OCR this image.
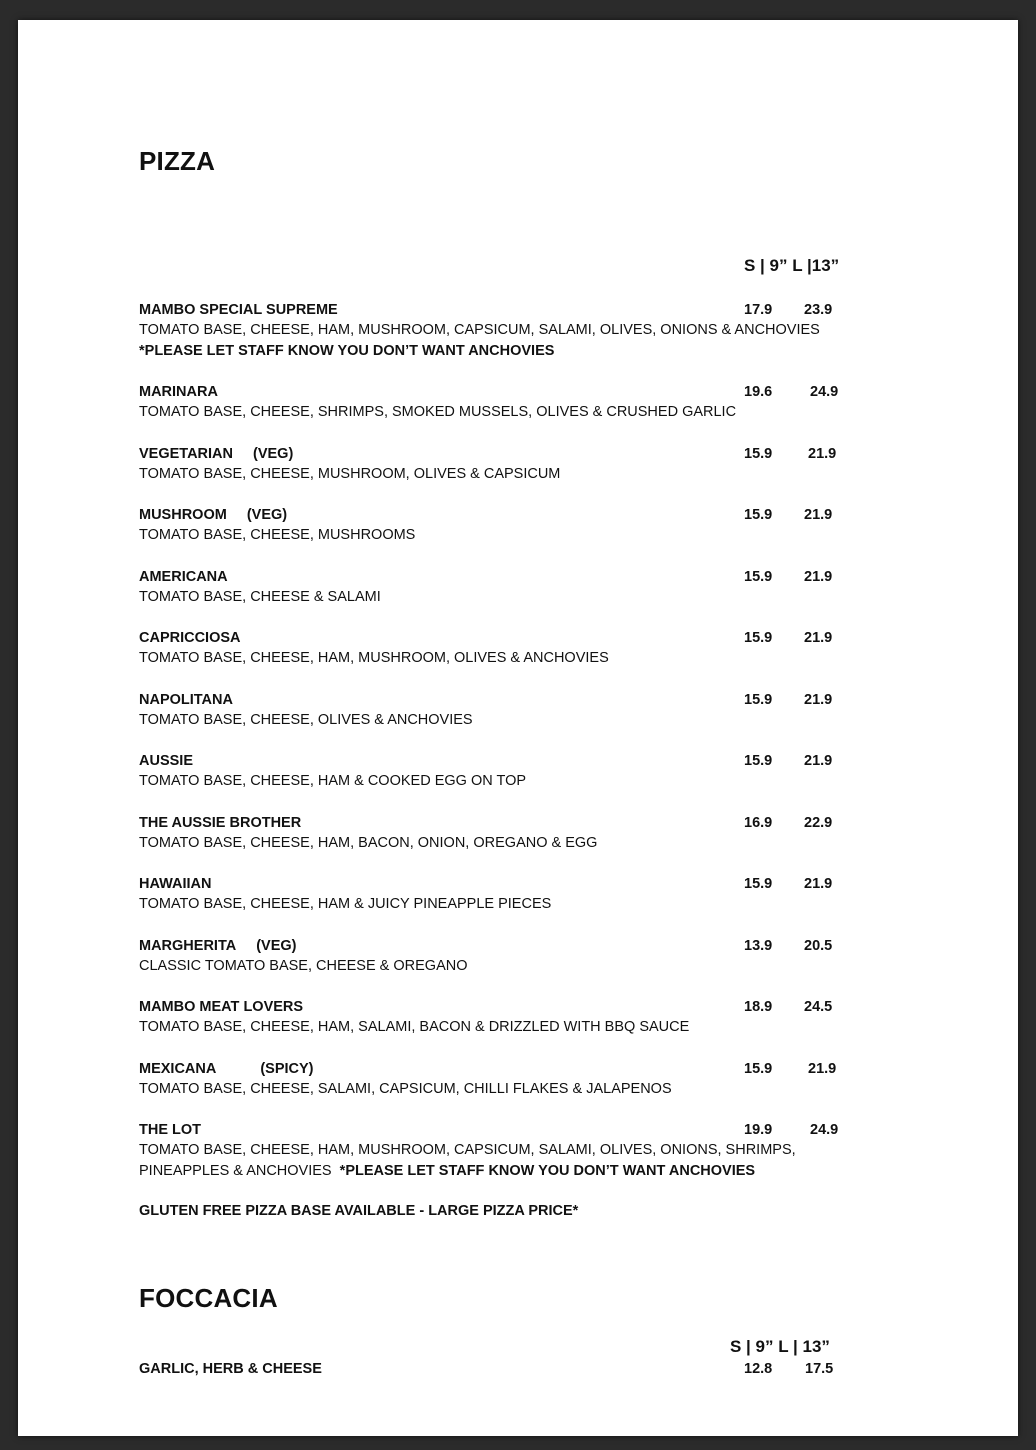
PIZZA
S | 9” L |13”
MAMBO SPECIAL SUPREME	17.9 23.9
TOMATO BASE, CHEESE, HAM, MUSHROOM, CAPSICUM, SALAMI, OLIVES, ONIONS & ANCHOVIES
*PLEASE LET STAFF KNOW YOU DON’T WANT ANCHOVIES
MARINARA	19.6	24.9
TOMATO BASE, CHEESE, SHRIMPS, SMOKED MUSSELS, OLIVES & CRUSHED GARLIC
VEGETARIAN (VEG)	15.9 21.9
TOMATO BASE, CHEESE, MUSHROOM, OLIVES & CAPSICUM
MUSHROOM (VEG)	15.9 21.9
TOMATO BASE, CHEESE, MUSHROOMS
AMERICANA	15.9 21.9
TOMATO BASE, CHEESE & SALAMI
CAPRICCIOSA	15.9 21.9
TOMATO BASE, CHEESE, HAM, MUSHROOM, OLIVES & ANCHOVIES
NAPOLITANA	15.9 21.9
TOMATO BASE, CHEESE, OLIVES & ANCHOVIES
AUSSIE	15.9 21.9
TOMATO BASE, CHEESE, HAM & COOKED EGG ON TOP
THE AUSSIE BROTHER	16.9 22.9
TOMATO BASE, CHEESE, HAM, BACON, ONION, OREGANO & EGG
HAWAIIAN	15.9 21.9
TOMATO BASE, CHEESE, HAM & JUICY PINEAPPLE PIECES
MARGHERITA (VEG)	13.9 20.5
CLASSIC TOMATO BASE, CHEESE & OREGANO
MAMBO MEAT LOVERS	18.9 24.5
TOMATO BASE, CHEESE, HAM, SALAMI, BACON & DRIZZLED WITH BBQ SAUCE
MEXICANA	(SPICY)	15.9 21.9
TOMATO BASE, CHEESE, SALAMI, CAPSICUM, CHILLI FLAKES & JALAPENOS
THE LOT	19.9	24.9
TOMATO BASE, CHEESE, HAM, MUSHROOM, CAPSICUM, SALAMI, OLIVES, ONIONS, SHRIMPS,
PINEAPPLES & ANCHOVIES *PLEASE LET STAFF KNOW YOU DON’T WANT ANCHOVIES
GLUTEN FREE PIZZA BASE AVAILABLE - LARGE PIZZA PRICE*
FOCCACIA
S | 9” L | 13”
GARLIC, HERB & CHEESE	12.8 17.5
